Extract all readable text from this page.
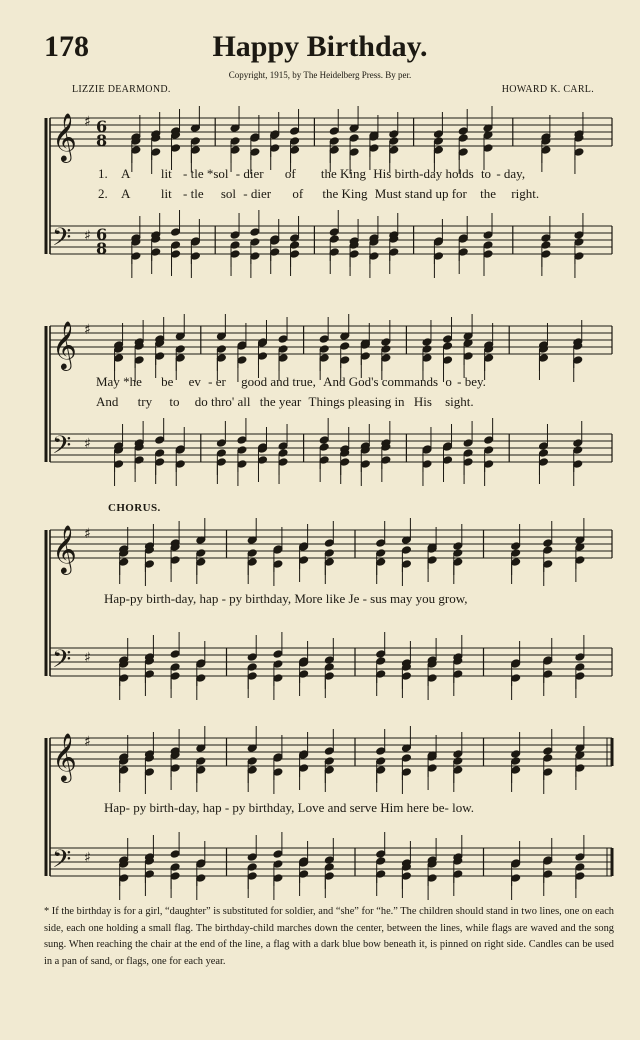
178	Happy Birthday.
Copyright, 1915, by The Heidelberg Press. By per.
LIZZIE DEARMOND.	HOWARD K. CARL.
𝄞
𝄢
♯
♯
6
8
6
8
𝄞
𝄢
♯
♯
𝄞
𝄢
♯
♯
𝄞
𝄢
♯
♯
1. A lit - tle *sol - dier of the King His birth-day holds to - day,
2. A lit - tle sol - dier of the King Must stand up for the right.
May *he be ev - er good and true, And God's commands o - bey.
And try to do thro' all the year Things pleasing in His sight.
CHORUS.
Hap-py birth-day, hap - py birthday, More like Je - sus may you grow,
Hap- py birth-day, hap - py birthday, Love and serve Him here be- low.
* If the birthday is for a girl, “daughter” is substituted for soldier, and “she” for “he.” The children should stand in two lines, one on each side, each one holding a small flag. The birthday-child marches down the center, between the lines, while flags are waved and the song sung. When reaching the chair at the end of the line, a flag with a dark blue bow beneath it, is pinned on right side. Candles can be used in a pan of sand, or flags, one for each year.
